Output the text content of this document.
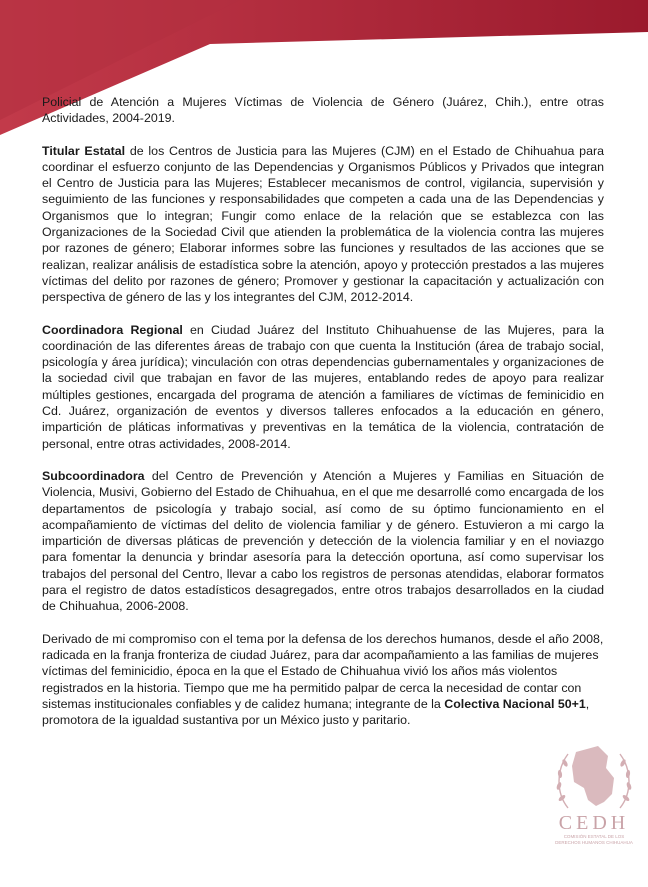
Policial de Atención a Mujeres Víctimas de Violencia de Género (Juárez, Chih.), entre otras Actividades, 2004-2019.

Titular Estatal de los Centros de Justicia para las Mujeres (CJM) en el Estado de Chihuahua para coordinar el esfuerzo conjunto de las Dependencias y Organismos Públicos y Privados que integran el Centro de Justicia para las Mujeres; Establecer mecanismos de control, vigilancia, supervisión y seguimiento de las funciones y responsabilidades que competen a cada una de las Dependencias y Organismos que lo integran; Fungir como enlace de la relación que se establezca con las Organizaciones de la Sociedad Civil que atienden la problemática de la violencia contra las mujeres por razones de género; Elaborar informes sobre las funciones y resultados de las acciones que se realizan, realizar análisis de estadística sobre la atención, apoyo y protección prestados a las mujeres víctimas del delito por razones de género; Promover y gestionar la capacitación y actualización con perspectiva de género de las y los integrantes del CJM, 2012-2014.

Coordinadora Regional en Ciudad Juárez del Instituto Chihuahuense de las Mujeres, para la coordinación de las diferentes áreas de trabajo con que cuenta la Institución (área de trabajo social, psicología y área jurídica); vinculación con otras dependencias gubernamentales y organizaciones de la sociedad civil que trabajan en favor de las mujeres, entablando redes de apoyo para realizar múltiples gestiones, encargada del programa de atención a familiares de víctimas de feminicidio en Cd. Juárez, organización de eventos y diversos talleres enfocados a la educación en género, impartición de pláticas informativas y preventivas en la temática de la violencia, contratación de personal, entre otras actividades, 2008-2014.

Subcoordinadora del Centro de Prevención y Atención a Mujeres y Familias en Situación de Violencia, Musivi, Gobierno del Estado de Chihuahua, en el que me desarrollé como encargada de los departamentos de psicología y trabajo social, así como de su óptimo funcionamiento en el acompañamiento de víctimas del delito de violencia familiar y de género. Estuvieron a mi cargo la impartición de diversas pláticas de prevención y detección de la violencia familiar y en el noviazgo para fomentar la denuncia y brindar asesoría para la detección oportuna, así como supervisar los trabajos del personal del Centro, llevar a cabo los registros de personas atendidas, elaborar formatos para el registro de datos estadísticos desagregados, entre otros trabajos desarrollados en la ciudad de Chihuahua, 2006-2008.

Derivado de mi compromiso con el tema por la defensa de los derechos humanos, desde el año 2008, radicada en la franja fronteriza de ciudad Juárez, para dar acompañamiento a las familias de mujeres víctimas del feminicidio, época en la que el Estado de Chihuahua vivió los años más violentos registrados en la historia. Tiempo que me ha permitido palpar de cerca la necesidad de contar con sistemas institucionales confiables y de calidez humana; integrante de la Colectiva Nacional 50+1, promotora de la igualdad sustantiva por un México justo y paritario.

CEDH
COMISIÓN ESTATAL DE LOS
DERECHOS HUMANOS CHIHUAHUA
